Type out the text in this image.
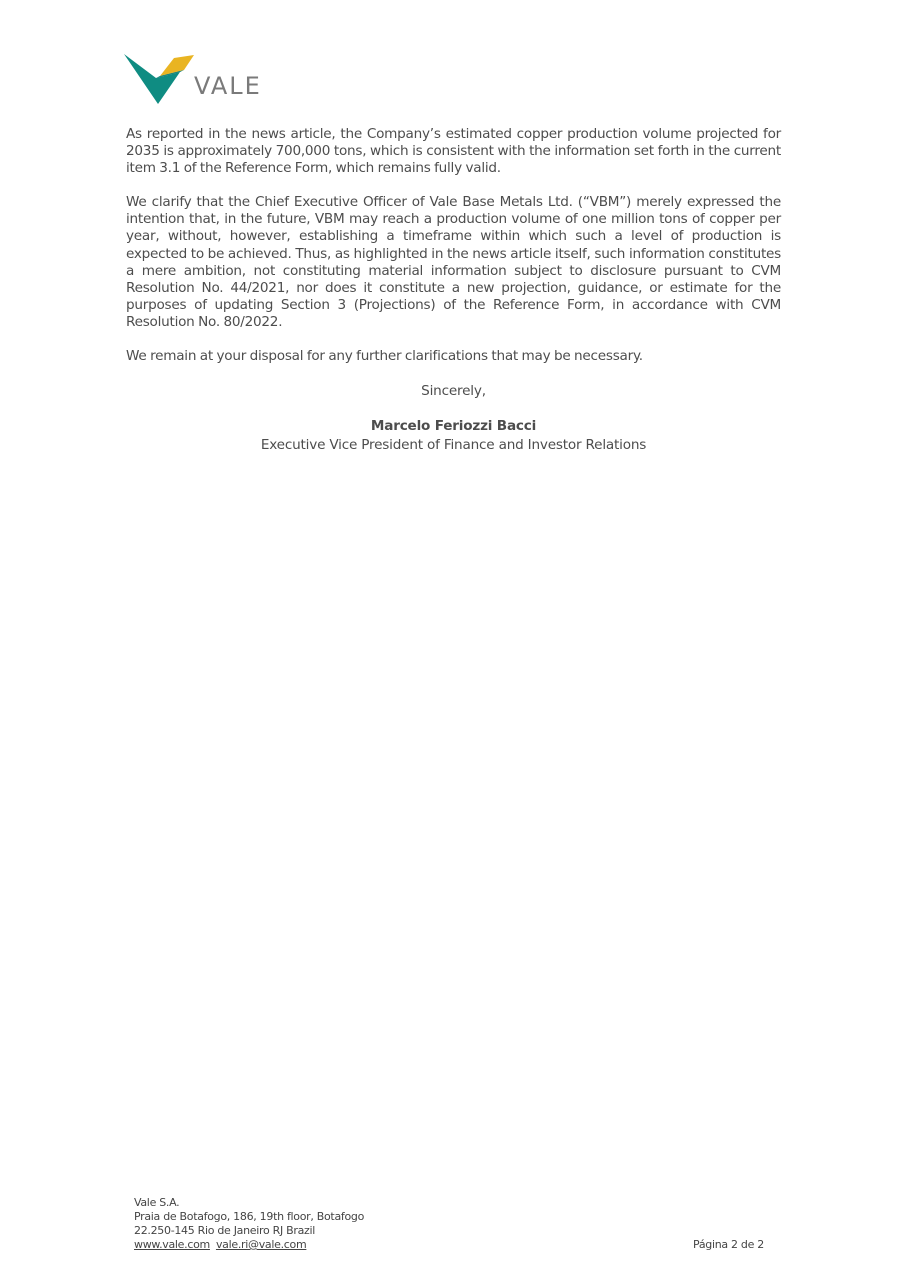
VALE

As reported in the news article, the Company’s estimated copper production volume projected for 2035 is approximately 700,000 tons, which is consistent with the information set forth in the current item 3.1 of the Reference Form, which remains fully valid.

We clarify that the Chief Executive Officer of Vale Base Metals Ltd. (“VBM”) merely expressed the intention that, in the future, VBM may reach a production volume of one million tons of copper per year, without, however, establishing a timeframe within which such a level of production is expected to be achieved. Thus, as highlighted in the news article itself, such information constitutes a mere ambition, not constituting material information subject to disclosure pursuant to CVM Resolution No. 44/2021, nor does it constitute a new projection, guidance, or estimate for the purposes of updating Section 3 (Projections) of the Reference Form, in accordance with CVM Resolution No. 80/2022.

We remain at your disposal for any further clarifications that may be necessary.

Sincerely,
Marcelo Feriozzi Bacci
Executive Vice President of Finance and Investor Relations
Vale S.A.
Praia de Botafogo, 186, 19th floor, Botafogo
22.250-145 Rio de Janeiro RJ Brazil
www.vale.com vale.ri@vale.com	Página 2 de 2
